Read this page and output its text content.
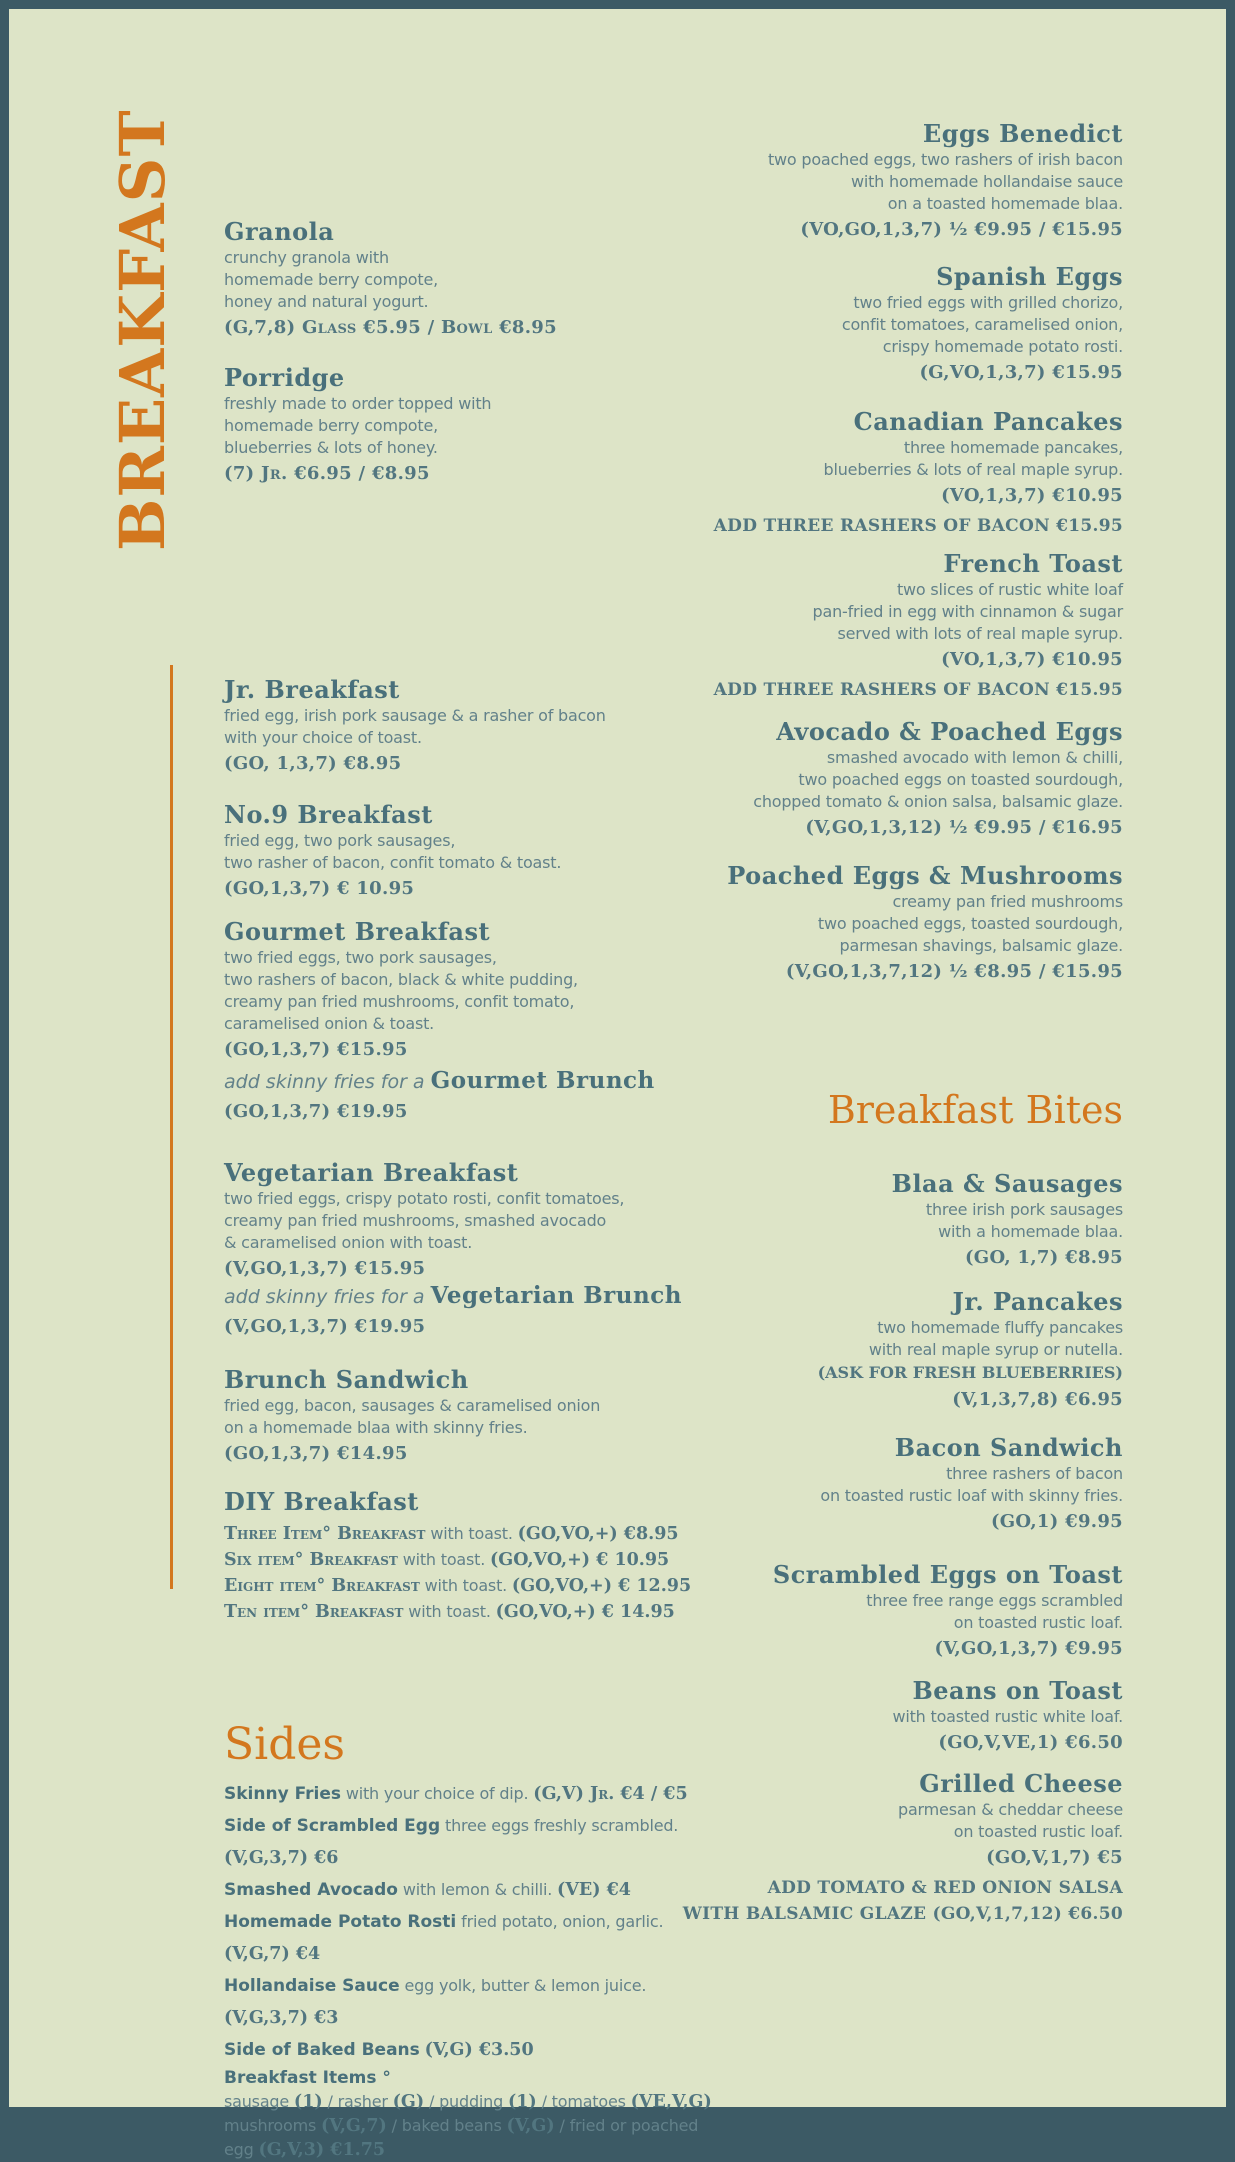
BREAKFAST Granola
crunchy granola with
homemade berry compote,
honey and natural yogurt.
(G,7,8) Glass €5.95 / Bowl €8.95
Porridge
freshly made to order topped with
homemade berry compote,
blueberries & lots of honey.
(7) Jr. €6.95 / €8.95
Jr. Breakfast
fried egg, irish pork sausage & a rasher of bacon
with your choice of toast.
(GO, 1,3,7) €8.95
No.9 Breakfast
fried egg, two pork sausages,
two rasher of bacon, confit tomato & toast.
(GO,1,3,7) € 10.95
Gourmet Breakfast
two fried eggs, two pork sausages,
two rashers of bacon, black & white pudding,
creamy pan fried mushrooms, confit tomato,
caramelised onion & toast.
(GO,1,3,7) €15.95
add skinny fries for a Gourmet Brunch
(GO,1,3,7) €19.95
Vegetarian Breakfast
two fried eggs, crispy potato rosti, confit tomatoes,
creamy pan fried mushrooms, smashed avocado
& caramelised onion with toast.
(V,GO,1,3,7) €15.95
add skinny fries for a Vegetarian Brunch
(V,GO,1,3,7) €19.95
Brunch Sandwich
fried egg, bacon, sausages & caramelised onion
on a homemade blaa with skinny fries.
(GO,1,3,7) €14.95
DIY Breakfast
Three Item° Breakfast with toast. (GO,VO,+) €8.95
Six item° Breakfast with toast. (GO,VO,+) € 10.95
Eight item° Breakfast with toast. (GO,VO,+) € 12.95
Ten item° Breakfast with toast. (GO,VO,+) € 14.95
Sides
Skinny Fries with your choice of dip. (G,V) Jr. €4 / €5
Side of Scrambled Egg three eggs freshly scrambled. (V,G,3,7) €6
Smashed Avocado with lemon & chilli. (VE) €4
Homemade Potato Rosti fried potato, onion, garlic. (V,G,7) €4
Hollandaise Sauce egg yolk, butter & lemon juice. (V,G,3,7) €3
Side of Baked Beans (V,G) €3.50
Breakfast Items °
sausage (1) / rasher (G) / pudding (1) / tomatoes (VE,V,G)
mushrooms (V,G,7) / baked beans (V,G) / fried or poached egg (G,V,3) €1.75
Eggs Benedict
two poached eggs, two rashers of irish bacon
with homemade hollandaise sauce
on a toasted homemade blaa.
(VO,GO,1,3,7) ½ €9.95 / €15.95
Spanish Eggs
two fried eggs with grilled chorizo,
confit tomatoes, caramelised onion,
crispy homemade potato rosti.
(G,VO,1,3,7) €15.95
Canadian Pancakes
three homemade pancakes,
blueberries & lots of real maple syrup.
(VO,1,3,7) €10.95
ADD THREE RASHERS OF BACON €15.95
French Toast
two slices of rustic white loaf
pan-fried in egg with cinnamon & sugar
served with lots of real maple syrup.
(VO,1,3,7) €10.95
ADD THREE RASHERS OF BACON €15.95
Avocado & Poached Eggs
smashed avocado with lemon & chilli,
two poached eggs on toasted sourdough,
chopped tomato & onion salsa, balsamic glaze.
(V,GO,1,3,12) ½ €9.95 / €16.95
Poached Eggs & Mushrooms
creamy pan fried mushrooms
two poached eggs, toasted sourdough,
parmesan shavings, balsamic glaze.
(V,GO,1,3,7,12) ½ €8.95 / €15.95
Breakfast Bites
Blaa & Sausages
three irish pork sausages
with a homemade blaa.
(GO, 1,7) €8.95
Jr. Pancakes
two homemade fluffy pancakes
with real maple syrup or nutella.
(ASK FOR FRESH BLUEBERRIES)
(V,1,3,7,8) €6.95
Bacon Sandwich
three rashers of bacon
on toasted rustic loaf with skinny fries.
(GO,1) €9.95
Scrambled Eggs on Toast
three free range eggs scrambled
on toasted rustic loaf.
(V,GO,1,3,7) €9.95
Beans on Toast
with toasted rustic white loaf.
(GO,V,VE,1) €6.50
Grilled Cheese
parmesan & cheddar cheese
on toasted rustic loaf.
(GO,V,1,7) €5
ADD TOMATO & RED ONION SALSA
WITH BALSAMIC GLAZE (GO,V,1,7,12) €6.50
